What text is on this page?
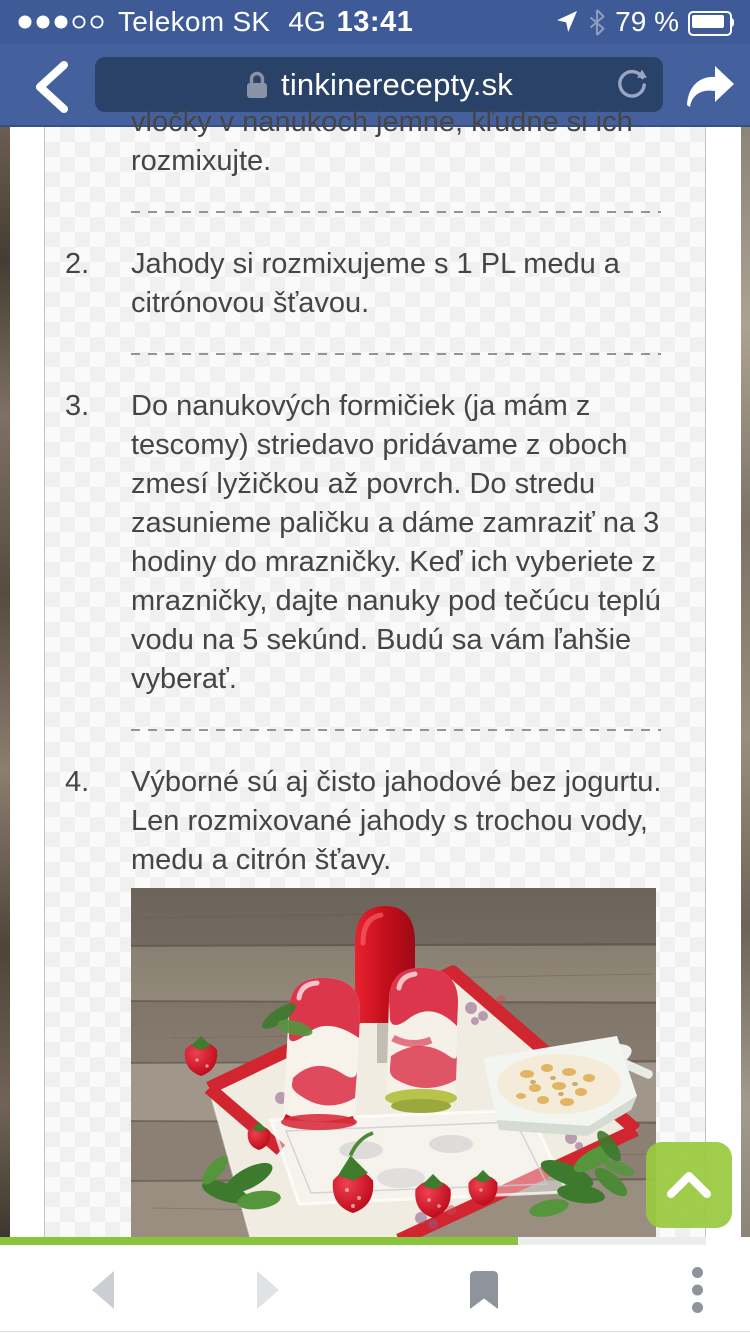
Telekom SK 4G 13:41	79 %
tinkinerecepty.sk
vločky v nanukoch jemne, kľudne si ich
rozmixujte.
2.	Jahody si rozmixujeme s 1 PL medu a citrónovou šťavou.
3.	Do nanukových formičiek (ja mám z tescomy) striedavo pridávame z oboch zmesí lyžičkou až povrch. Do stredu zasunieme paličku a dáme zamraziť na 3 hodiny do mrazničky. Keď ich vyberiete z mrazničky, dajte nanuky pod tečúcu teplú vodu na 5 sekúnd. Budú sa vám ľahšie vyberať.
4.	Výborné sú aj čisto jahodové bez jogurtu. Len rozmixované jahody s trochou vody, medu a citrón šťavy.
